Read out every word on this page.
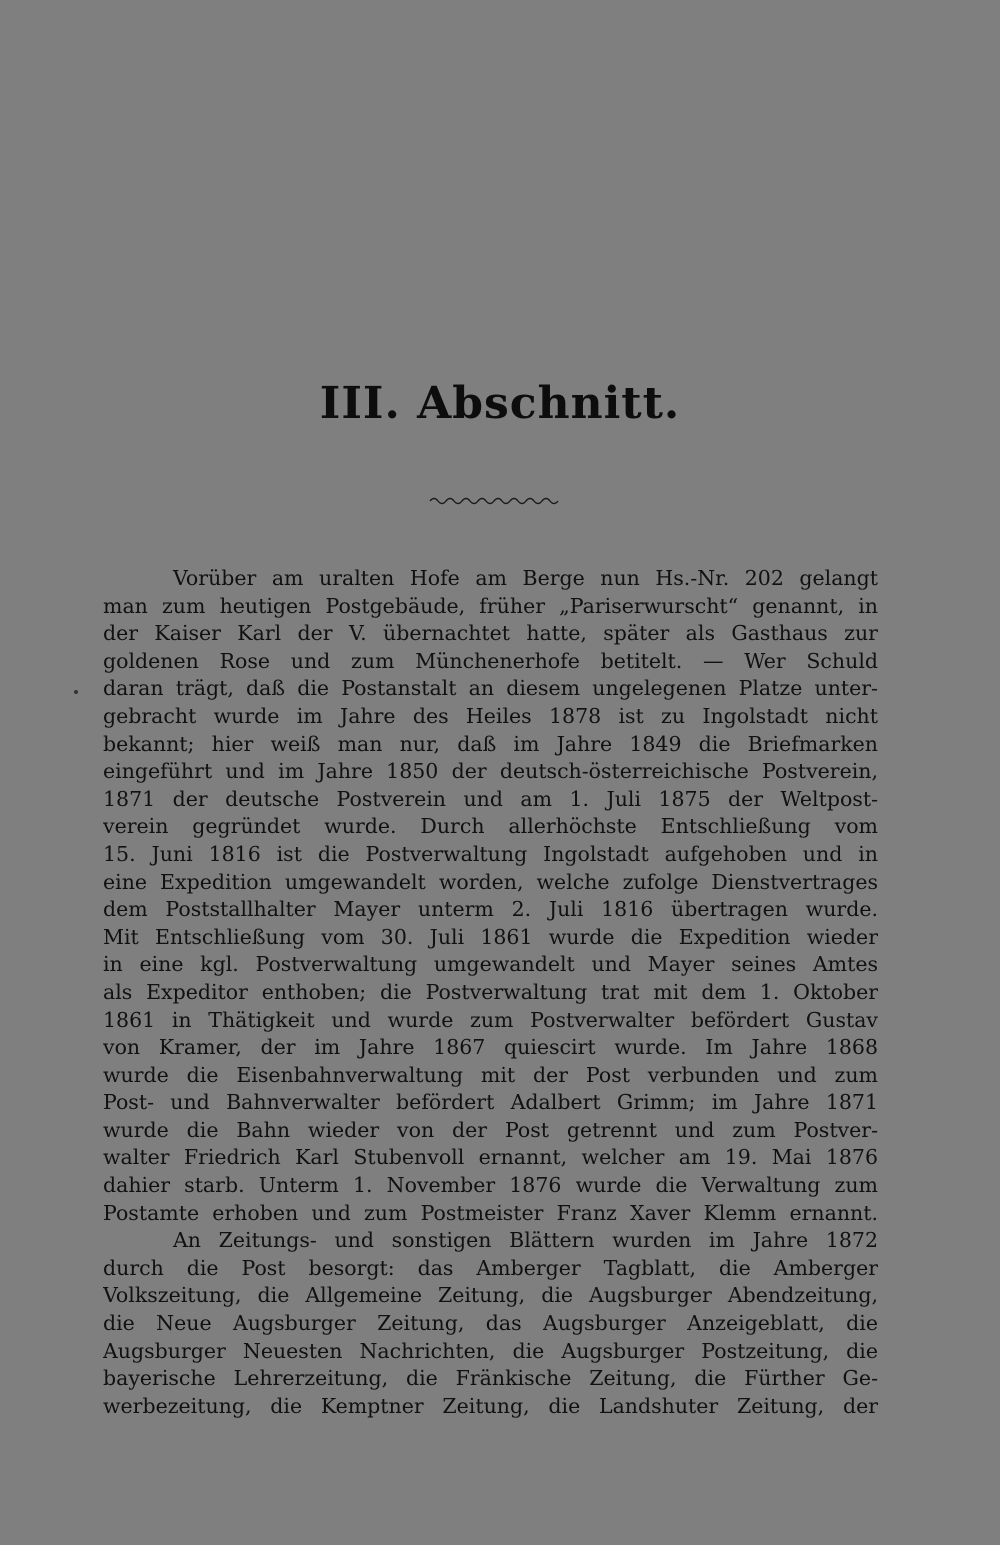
III. Abschnitt.
Vorüber am uralten Hofe am Berge nun Hs.-Nr. 202 gelangt
man zum heutigen Postgebäude, früher „Pariserwurscht“ genannt, in
der Kaiser Karl der V. übernachtet hatte, später als Gasthaus zur
goldenen Rose und zum Münchenerhofe betitelt. — Wer Schuld
daran trägt, daß die Postanstalt an diesem ungelegenen Platze unter-
gebracht wurde im Jahre des Heiles 1878 ist zu Ingolstadt nicht
bekannt; hier weiß man nur, daß im Jahre 1849 die Briefmarken
eingeführt und im Jahre 1850 der deutsch-österreichische Postverein,
1871 der deutsche Postverein und am 1. Juli 1875 der Weltpost-
verein gegründet wurde. Durch allerhöchste Entschließung vom
15. Juni 1816 ist die Postverwaltung Ingolstadt aufgehoben und in
eine Expedition umgewandelt worden, welche zufolge Dienstvertrages
dem Poststallhalter Mayer unterm 2. Juli 1816 übertragen wurde.
Mit Entschließung vom 30. Juli 1861 wurde die Expedition wieder
in eine kgl. Postverwaltung umgewandelt und Mayer seines Amtes
als Expeditor enthoben; die Postverwaltung trat mit dem 1. Oktober
1861 in Thätigkeit und wurde zum Postverwalter befördert Gustav
von Kramer, der im Jahre 1867 quiescirt wurde. Im Jahre 1868
wurde die Eisenbahnverwaltung mit der Post verbunden und zum
Post- und Bahnverwalter befördert Adalbert Grimm; im Jahre 1871
wurde die Bahn wieder von der Post getrennt und zum Postver-
walter Friedrich Karl Stubenvoll ernannt, welcher am 19. Mai 1876
dahier starb. Unterm 1. November 1876 wurde die Verwaltung zum
Postamte erhoben und zum Postmeister Franz Xaver Klemm ernannt.
An Zeitungs- und sonstigen Blättern wurden im Jahre 1872
durch die Post besorgt: das Amberger Tagblatt, die Amberger
Volkszeitung, die Allgemeine Zeitung, die Augsburger Abendzeitung,
die Neue Augsburger Zeitung, das Augsburger Anzeigeblatt, die
Augsburger Neuesten Nachrichten, die Augsburger Postzeitung, die
bayerische Lehrerzeitung, die Fränkische Zeitung, die Fürther Ge-
werbezeitung, die Kemptner Zeitung, die Landshuter Zeitung, der
